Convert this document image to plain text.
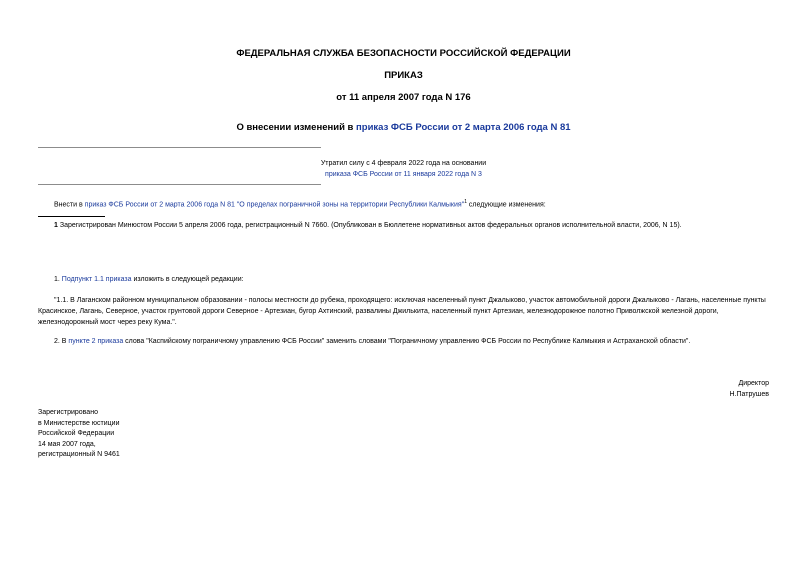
ФЕДЕРАЛЬНАЯ СЛУЖБА БЕЗОПАСНОСТИ РОССИЙСКОЙ ФЕДЕРАЦИИ
ПРИКАЗ
от 11 апреля 2007 года N 176
О внесении изменений в приказ ФСБ России от 2 марта 2006 года N 81
Утратил силу с 4 февраля 2022 года на основании
приказа ФСБ России от 11 января 2022 года N 3
Внести в приказ ФСБ России от 2 марта 2006 года N 81 "О пределах пограничной зоны на территории Республики Калмыкия"$^1$ следующие изменения:
1 Зарегистрирован Минюстом России 5 апреля 2006 года, регистрационный N 7660. (Опубликован в Бюллетене нормативных актов федеральных органов исполнительной власти, 2006, N 15).
1. Подпункт 1.1 приказа изложить в следующей редакции:
"1.1. В Лаганском районном муниципальном образовании - полосы местности до рубежа, проходящего: исключая населенный пункт Джалыково, участок автомобильной дороги Джалыково - Лагань, населенные пункты Красинское, Лагань, Северное, участок грунтовой дороги Северное - Артезиан, бугор Ахтинский, развалины Джилькита, населенный пункт Артезиан, железнодорожное полотно Приволжской железной дороги, железнодорожный мост через реку Кума.".
2. В пункте 2 приказа слова "Каспийскому пограничному управлению ФСБ России" заменить словами "Пограничному управлению ФСБ России по Республике Калмыкия и Астраханской области".
Директор
Н.Патрушев
Зарегистрировано
в Министерстве юстиции
Российской Федерации
14 мая 2007 года,
регистрационный N 9461
